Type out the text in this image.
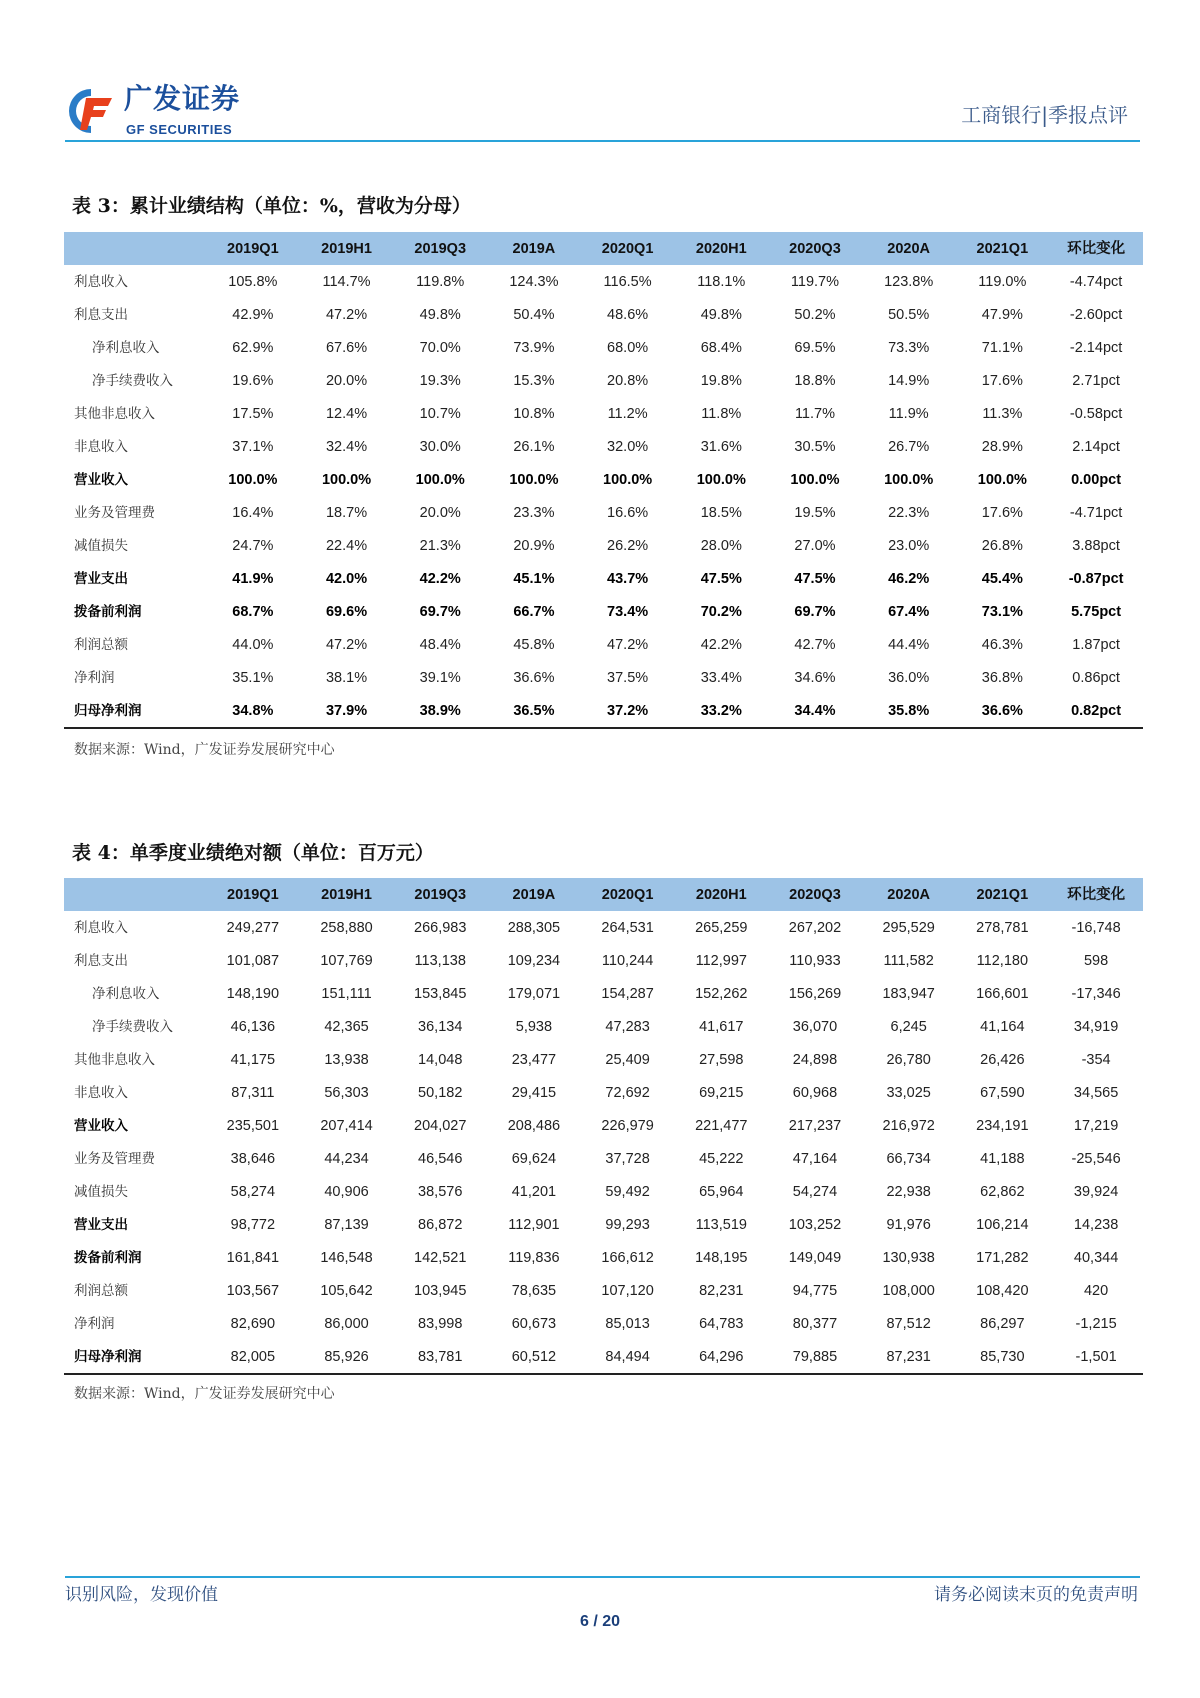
广发证券
GF SECURITIES
工商银行|季报点评
表 3：累计业绩结构（单位：%，营收为分母）
	2019Q1	2019H1	2019Q3	2019A	2020Q1	2020H1	2020Q3	2020A	2021Q1	环比变化
利息收入	105.8%	114.7%	119.8%	124.3%	116.5%	118.1%	119.7%	123.8%	119.0%	-4.74pct
利息支出	42.9%	47.2%	49.8%	50.4%	48.6%	49.8%	50.2%	50.5%	47.9%	-2.60pct
净利息收入	62.9%	67.6%	70.0%	73.9%	68.0%	68.4%	69.5%	73.3%	71.1%	-2.14pct
净手续费收入	19.6%	20.0%	19.3%	15.3%	20.8%	19.8%	18.8%	14.9%	17.6%	2.71pct
其他非息收入	17.5%	12.4%	10.7%	10.8%	11.2%	11.8%	11.7%	11.9%	11.3%	-0.58pct
非息收入	37.1%	32.4%	30.0%	26.1%	32.0%	31.6%	30.5%	26.7%	28.9%	2.14pct
营业收入	100.0%	100.0%	100.0%	100.0%	100.0%	100.0%	100.0%	100.0%	100.0%	0.00pct
业务及管理费	16.4%	18.7%	20.0%	23.3%	16.6%	18.5%	19.5%	22.3%	17.6%	-4.71pct
减值损失	24.7%	22.4%	21.3%	20.9%	26.2%	28.0%	27.0%	23.0%	26.8%	3.88pct
营业支出	41.9%	42.0%	42.2%	45.1%	43.7%	47.5%	47.5%	46.2%	45.4%	-0.87pct
拨备前利润	68.7%	69.6%	69.7%	66.7%	73.4%	70.2%	69.7%	67.4%	73.1%	5.75pct
利润总额	44.0%	47.2%	48.4%	45.8%	47.2%	42.2%	42.7%	44.4%	46.3%	1.87pct
净利润	35.1%	38.1%	39.1%	36.6%	37.5%	33.4%	34.6%	36.0%	36.8%	0.86pct
归母净利润	34.8%	37.9%	38.9%	36.5%	37.2%	33.2%	34.4%	35.8%	36.6%	0.82pct
数据来源：Wind，广发证券发展研究中心
表 4：单季度业绩绝对额（单位：百万元）
	2019Q1	2019H1	2019Q3	2019A	2020Q1	2020H1	2020Q3	2020A	2021Q1	环比变化
利息收入	249,277	258,880	266,983	288,305	264,531	265,259	267,202	295,529	278,781	-16,748
利息支出	101,087	107,769	113,138	109,234	110,244	112,997	110,933	111,582	112,180	598
净利息收入	148,190	151,111	153,845	179,071	154,287	152,262	156,269	183,947	166,601	-17,346
净手续费收入	46,136	42,365	36,134	5,938	47,283	41,617	36,070	6,245	41,164	34,919
其他非息收入	41,175	13,938	14,048	23,477	25,409	27,598	24,898	26,780	26,426	-354
非息收入	87,311	56,303	50,182	29,415	72,692	69,215	60,968	33,025	67,590	34,565
营业收入	235,501	207,414	204,027	208,486	226,979	221,477	217,237	216,972	234,191	17,219
业务及管理费	38,646	44,234	46,546	69,624	37,728	45,222	47,164	66,734	41,188	-25,546
减值损失	58,274	40,906	38,576	41,201	59,492	65,964	54,274	22,938	62,862	39,924
营业支出	98,772	87,139	86,872	112,901	99,293	113,519	103,252	91,976	106,214	14,238
拨备前利润	161,841	146,548	142,521	119,836	166,612	148,195	149,049	130,938	171,282	40,344
利润总额	103,567	105,642	103,945	78,635	107,120	82,231	94,775	108,000	108,420	420
净利润	82,690	86,000	83,998	60,673	85,013	64,783	80,377	87,512	86,297	-1,215
归母净利润	82,005	85,926	83,781	60,512	84,494	64,296	79,885	87,231	85,730	-1,501
数据来源：Wind，广发证券发展研究中心
识别风险，发现价值	请务必阅读末页的免责声明
6 / 20
